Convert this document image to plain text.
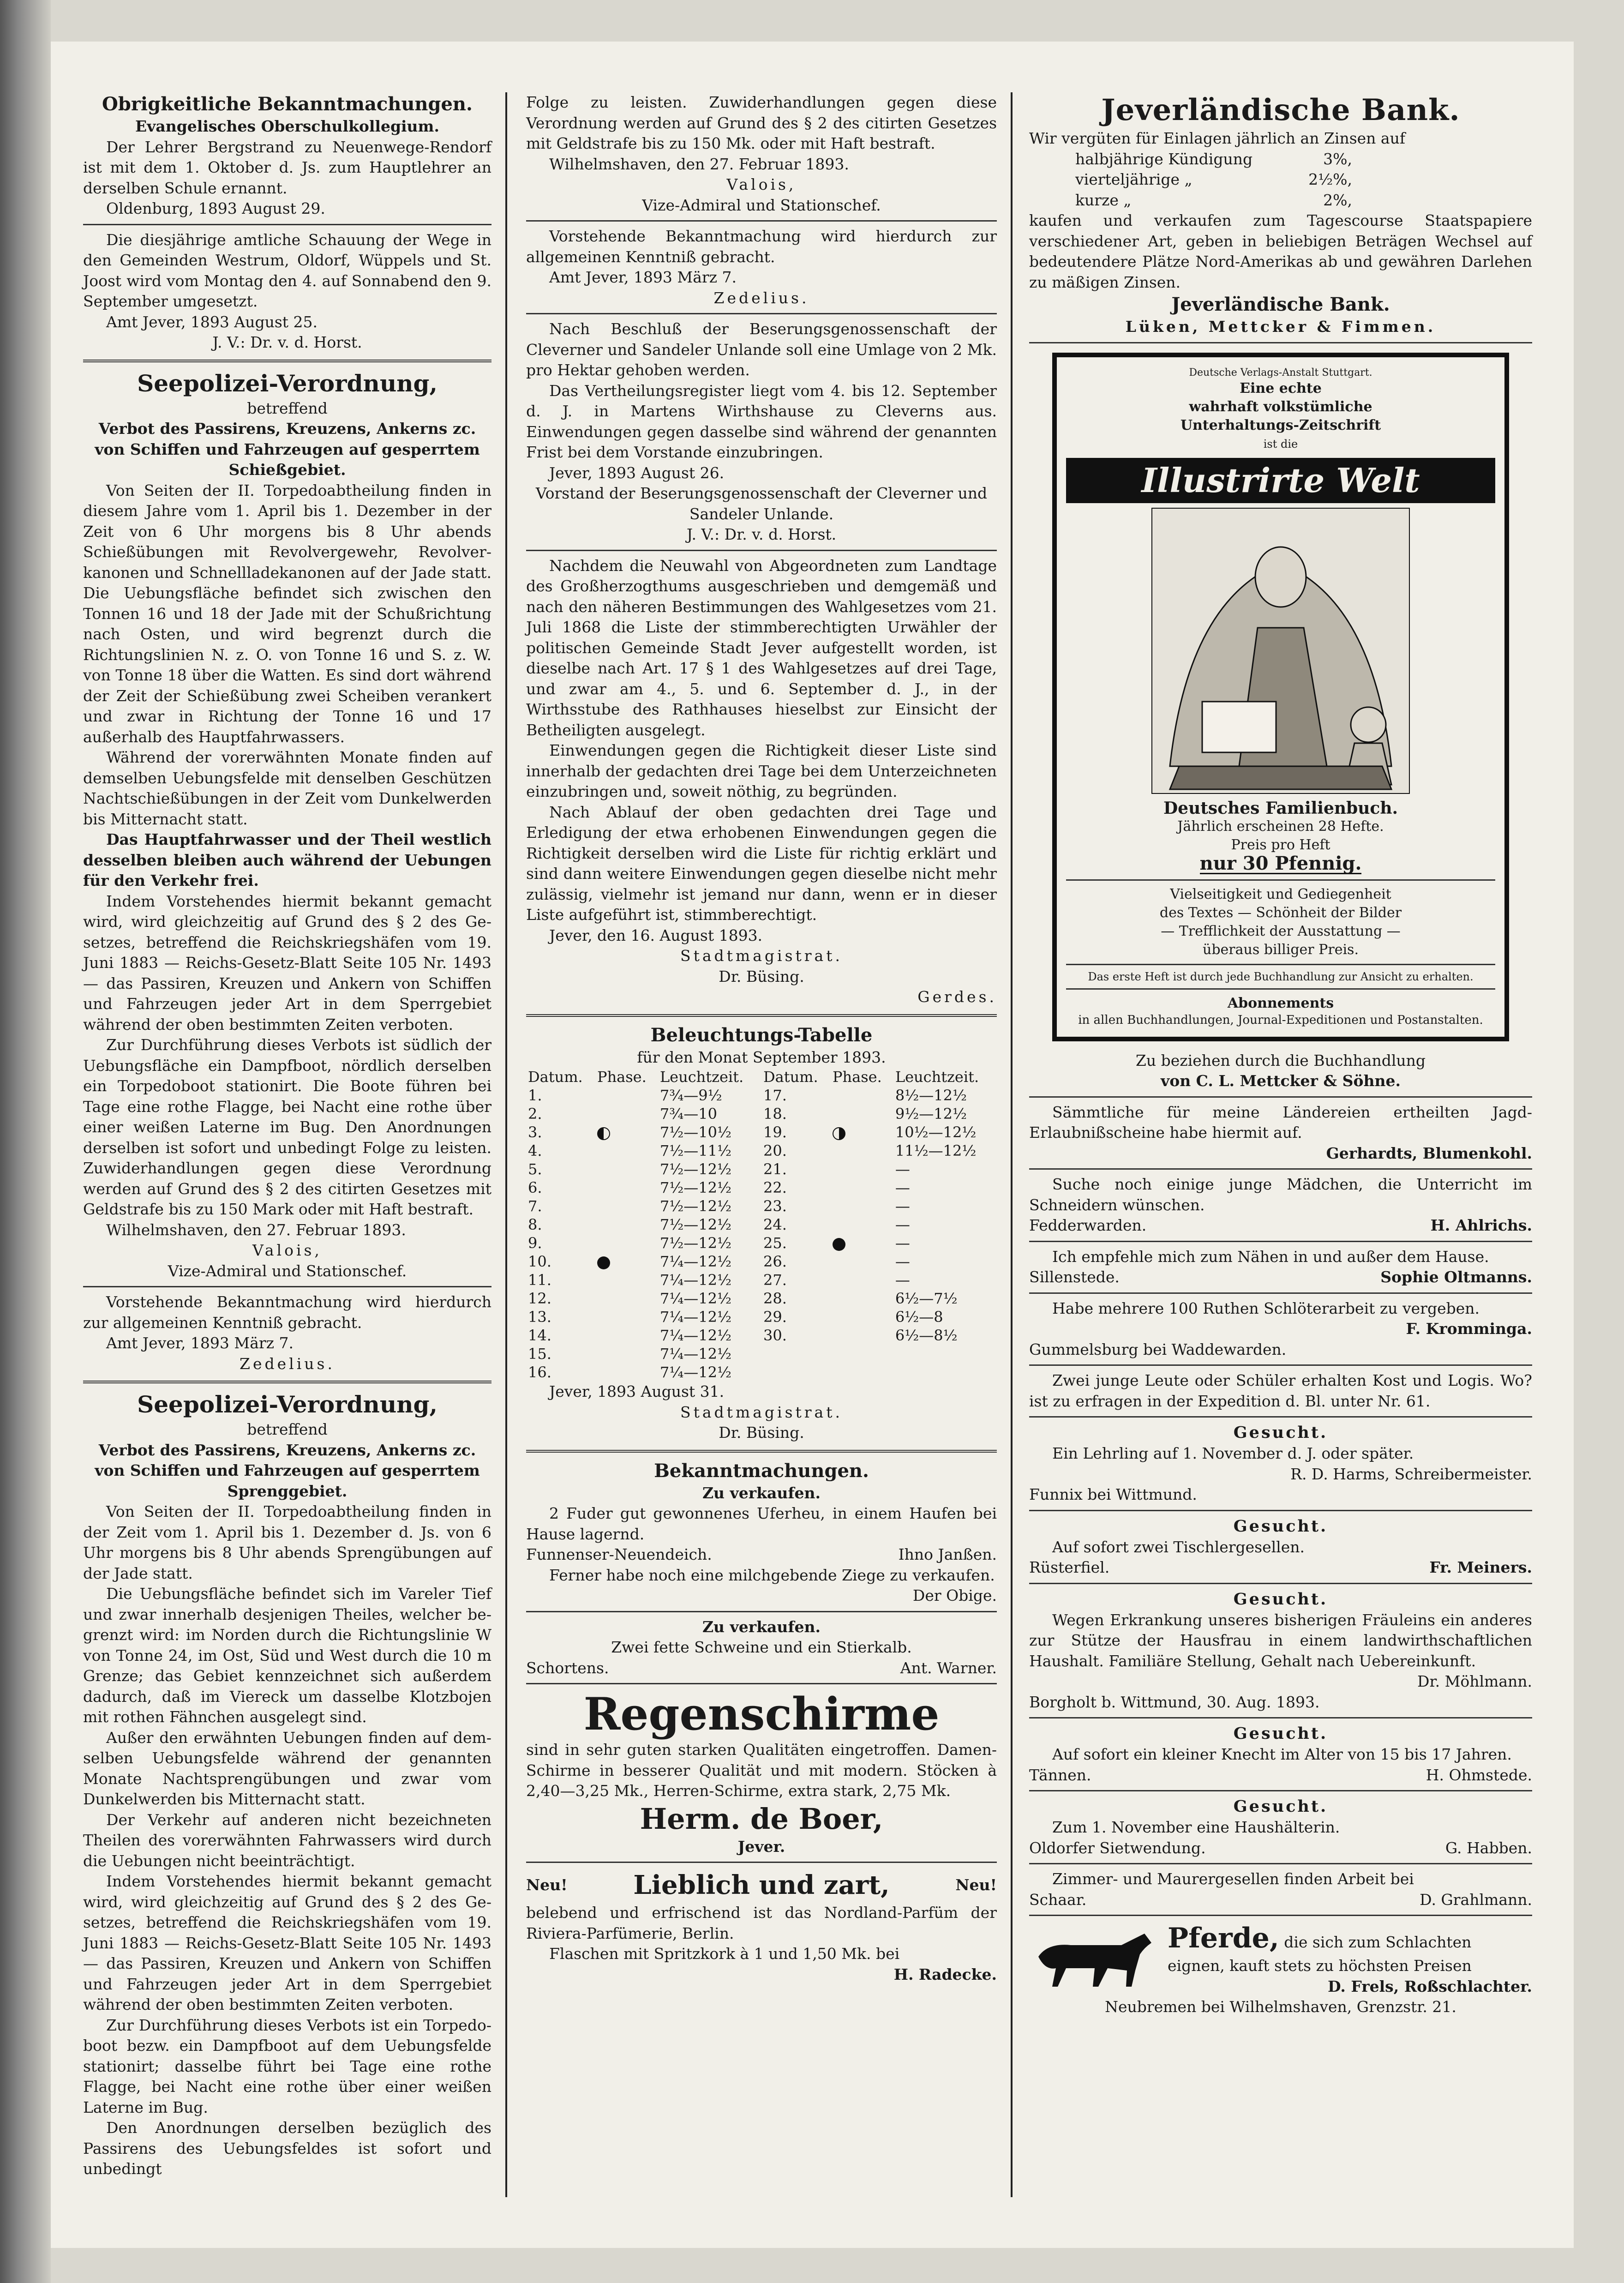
Obrigkeitliche Bekanntmachungen.
Evangelisches Oberschulkollegium.

Der Lehrer Bergstrand zu Neuenwege-Rendorf ist mit dem 1. Oktober d. Js. zum Hauptlehrer an derselben Schule ernannt.

Oldenburg, 1893 August 29.

Die diesjährige amtliche Schauung der Wege in den Gemeinden Westrum, Oldorf, Wüppels und St. Joost wird vom Montag den 4. auf Sonnabend den 9. September umgesetzt.

Amt Jever, 1893 August 25.

J. V.: Dr. v. d. Horst.
Seepolizei-Verordnung,
betreffend
Verbot des Passirens, Kreuzens, Ankerns zc. von Schiffen und Fahrzeugen auf gesperrtem Schießgebiet.

Von Seiten der II. Torpedoabtheilung finden in diesem Jahre vom 1. April bis 1. Dezember in der Zeit von 6 Uhr morgens bis 8 Uhr abends Schießübungen mit Revolvergewehr, Revolverkanonen und Schnellladekanonen auf der Jade statt. Die Uebungsfläche befindet sich zwischen den Tonnen 16 und 18 der Jade mit der Schußrichtung nach Osten, und wird begrenzt durch die Richtungslinien N. z. O. von Tonne 16 und S. z. W. von Tonne 18 über die Watten. Es sind dort während der Zeit der Schießübung zwei Scheiben verankert und zwar in Richtung der Tonne 16 und 17 außerhalb des Hauptfahrwassers.

Während der vorerwähnten Monate finden auf demselben Uebungsfelde mit denselben Geschützen Nachtschießübungen in der Zeit vom Dunkelwerden bis Mitternacht statt.

Das Hauptfahrwasser und der Theil westlich desselben bleiben auch während der Uebungen für den Verkehr frei.

Indem Vorstehendes hiermit bekannt gemacht wird, wird gleichzeitig auf Grund des § 2 des Gesetzes, betreffend die Reichskriegshäfen vom 19. Juni 1883 — Reichs-Gesetz-Blatt Seite 105 Nr. 1493 — das Passiren, Kreuzen und Ankern von Schiffen und Fahrzeugen jeder Art in dem Sperrgebiet während der oben bestimmten Zeiten verboten.

Zur Durchführung dieses Verbots ist südlich der Uebungsfläche ein Dampfboot, nördlich derselben ein Torpedoboot stationirt. Die Boote führen bei Tage eine rothe Flagge, bei Nacht eine rothe über einer weißen Laterne im Bug. Den Anordnungen derselben ist sofort und unbedingt Folge zu leisten. Zuwiderhandlungen gegen diese Verordnung werden auf Grund des § 2 des citirten Gesetzes mit Geldstrafe bis zu 150 Mark oder mit Haft bestraft.

Wilhelmshaven, den 27. Februar 1893.

Valois,
Vize-Admiral und Stationschef.

Vorstehende Bekanntmachung wird hierdurch zur allgemeinen Kenntniß gebracht.

Amt Jever, 1893 März 7.

Zedelius.
Seepolizei-Verordnung,
betreffend
Verbot des Passirens, Kreuzens, Ankerns zc. von Schiffen und Fahrzeugen auf gesperrtem Sprenggebiet.

Von Seiten der II. Torpedoabtheilung finden in der Zeit vom 1. April bis 1. Dezember d. Js. von 6 Uhr morgens bis 8 Uhr abends Sprengübungen auf der Jade statt.

Die Uebungsfläche befindet sich im Vareler Tief und zwar innerhalb desjenigen Theiles, welcher begrenzt wird: im Norden durch die Richtungslinie W von Tonne 24, im Ost, Süd und West durch die 10 m Grenze; das Gebiet kennzeichnet sich außerdem dadurch, daß im Viereck um dasselbe Klotzbojen mit rothen Fähnchen ausgelegt sind.

Außer den erwähnten Uebungen finden auf demselben Uebungsfelde während der genannten Monate Nachtsprengübungen und zwar vom Dunkelwerden bis Mitternacht statt.

Der Verkehr auf anderen nicht bezeichneten Theilen des vorerwähnten Fahrwassers wird durch die Uebungen nicht beeinträchtigt.

Indem Vorstehendes hiermit bekannt gemacht wird, wird gleichzeitig auf Grund des § 2 des Gesetzes, betreffend die Reichskriegshäfen vom 19. Juni 1883 — Reichs-Gesetz-Blatt Seite 105 Nr. 1493 — das Passiren, Kreuzen und Ankern von Schiffen und Fahrzeugen jeder Art in dem Sperrgebiet während der oben bestimmten Zeiten verboten.

Zur Durchführung dieses Verbots ist ein Torpedoboot bezw. ein Dampfboot auf dem Uebungsfelde stationirt; dasselbe führt bei Tage eine rothe Flagge, bei Nacht eine rothe über einer weißen Laterne im Bug.

Den Anordnungen derselben bezüglich des Passirens des Uebungsfeldes ist sofort und unbedingt

Folge zu leisten. Zuwiderhandlungen gegen diese Verordnung werden auf Grund des § 2 des citirten Gesetzes mit Geldstrafe bis zu 150 Mk. oder mit Haft bestraft.

Wilhelmshaven, den 27. Februar 1893.

Valois,
Vize-Admiral und Stationschef.

Vorstehende Bekanntmachung wird hierdurch zur allgemeinen Kenntniß gebracht.

Amt Jever, 1893 März 7.

Zedelius.

Nach Beschluß der Beserungsgenossenschaft der Cleverner und Sandeler Unlande soll eine Umlage von 2 Mk. pro Hektar gehoben werden.

Das Vertheilungsregister liegt vom 4. bis 12. September d. J. in Martens Wirthshause zu Cleverns aus. Einwendungen gegen dasselbe sind während der genannten Frist bei dem Vorstande einzubringen.

Jever, 1893 August 26.

Vorstand der Beserungsgenossenschaft der Cleverner und Sandeler Unlande.
J. V.: Dr. v. d. Horst.

Nachdem die Neuwahl von Abgeordneten zum Landtage des Großherzogthums ausgeschrieben und demgemäß und nach den näheren Bestimmungen des Wahlgesetzes vom 21. Juli 1868 die Liste der stimmberechtigten Urwähler der politischen Gemeinde Stadt Jever aufgestellt worden, ist dieselbe nach Art. 17 § 1 des Wahlgesetzes auf drei Tage, und zwar am 4., 5. und 6. September d. J., in der Wirthsstube des Rathhauses hieselbst zur Einsicht der Betheiligten ausgelegt.

Einwendungen gegen die Richtigkeit dieser Liste sind innerhalb der gedachten drei Tage bei dem Unterzeichneten einzubringen und, soweit nöthig, zu begründen.

Nach Ablauf der oben gedachten drei Tage und Erledigung der etwa erhobenen Einwendungen gegen die Richtigkeit derselben wird die Liste für richtig erklärt und sind dann weitere Einwendungen gegen dieselbe nicht mehr zulässig, vielmehr ist jemand nur dann, wenn er in dieser Liste aufgeführt ist, stimmberechtigt.

Jever, den 16. August 1893.

Stadtmagistrat.
Dr. Büsing.
Gerdes.
Beleuchtungs-Tabelle
für den Monat September 1893.
Datum.	Phase.	Leuchtzeit.	Datum.	Phase.	Leuchtzeit.
1.		7¾—9½	17.		8½—12½
2.		7¾—10	18.		9½—12½
3.		7½—10½	19.		10½—12½
4.		7½—11½	20.		11½—12½
5.		7½—12½	21.		—
6.		7½—12½	22.		—
7.		7½—12½	23.		—
8.		7½—12½	24.		—
9.		7½—12½	25.		—
10.		7¼—12½	26.		—
11.		7¼—12½	27.		—
12.		7¼—12½	28.		6½—7½
13.		7¼—12½	29.		6½—8
14.		7¼—12½	30.		6½—8½
15.		7¼—12½			
16.		7¼—12½			

Jever, 1893 August 31.

Stadtmagistrat.
Dr. Büsing.
Bekanntmachungen.
Zu verkaufen.

2 Fuder gut gewonnenes Uferheu, in einem Haufen bei Hause lagernd.

Funnenser-Neuendeich.	Ihno Janßen.

Ferner habe noch eine milchgebende Ziege zu verkaufen.

Der Obige.
Zu verkaufen.
Zwei fette Schweine und ein Stierkalb.
Schortens.	Ant. Warner.
Regenschirme

sind in sehr guten starken Qualitäten eingetroffen. Damen-Schirme in besserer Qualität und mit modern. Stöcken à 2,40—3,25 Mk., Herren-Schirme, extra stark, 2,75 Mk.

Herm. de Boer,
Jever.
Neu!	Lieblich und zart,	Neu!

belebend und erfrischend ist das Nordland-Parfüm der Riviera-Parfümerie, Berlin.

Flaschen mit Spritzkork à 1 und 1,50 Mk. bei

H. Radecke.
Jeverländische Bank.

Wir vergüten für Einlagen jährlich an Zinsen auf

halbjährige Kündigung	3%,
vierteljährige „	2½%,
kurze „	2%,

kaufen und verkaufen zum Tagescourse Staatspapiere verschiedener Art, geben in beliebigen Beträgen Wechsel auf bedeutendere Plätze Nord-Amerikas ab und gewähren Darlehen zu mäßigen Zinsen.

Jeverländische Bank.
Lüken, Mettcker & Fimmen.
Deutsche Verlags-Anstalt Stuttgart.
Eine echte
wahrhaft volkstümliche
Unterhaltungs-Zeitschrift
ist die
Illustrirte Welt
Deutsches Familienbuch.
Jährlich erscheinen 28 Hefte.
Preis pro Heft
nur 30 Pfennig.
Vielseitigkeit und Gediegenheit
des Textes — Schönheit der Bilder
— Trefflichkeit der Ausstattung —
überaus billiger Preis.
Das erste Heft ist durch jede Buchhandlung zur Ansicht zu erhalten.
Abonnements
in allen Buchhandlungen, Journal-Expeditionen und Postanstalten.
Zu beziehen durch die Buchhandlung
von C. L. Mettcker & Söhne.

Sämmtliche für meine Ländereien ertheilten Jagd-Erlaubnißscheine habe hiermit auf.

Gerhardts, Blumenkohl.

Suche noch einige junge Mädchen, die Unterricht im Schneidern wünschen.

Fedderwarden.	H. Ahlrichs.

Ich empfehle mich zum Nähen in und außer dem Hause.

Sillenstede.	Sophie Oltmanns.

Habe mehrere 100 Ruthen Schlöterarbeit zu vergeben.

F. Kromminga.
Gummelsburg bei Waddewarden.

Zwei junge Leute oder Schüler erhalten Kost und Logis. Wo? ist zu erfragen in der Expedition d. Bl. unter Nr. 61.

Gesucht.

Ein Lehrling auf 1. November d. J. oder später.

R. D. Harms, Schreibermeister.
Funnix bei Wittmund.
Gesucht.

Auf sofort zwei Tischlergesellen.

Rüsterfiel.	Fr. Meiners.
Gesucht.

Wegen Erkrankung unseres bisherigen Fräuleins ein anderes zur Stütze der Hausfrau in einem landwirthschaftlichen Haushalt. Familiäre Stellung, Gehalt nach Uebereinkunft.

Dr. Möhlmann.
Borgholt b. Wittmund, 30. Aug. 1893.
Gesucht.

Auf sofort ein kleiner Knecht im Alter von 15 bis 17 Jahren.

Tännen.	H. Ohmstede.
Gesucht.

Zum 1. November eine Haushälterin.

Oldorfer Sietwendung.	G. Habben.

Zimmer- und Maurergesellen finden Arbeit bei

Schaar.	D. Grahlmann.
Pferde, die sich zum Schlachten eignen, kauft stets zu höchsten Preisen
D. Frels, Roßschlachter.
Neubremen bei Wilhelmshaven, Grenzstr. 21.
